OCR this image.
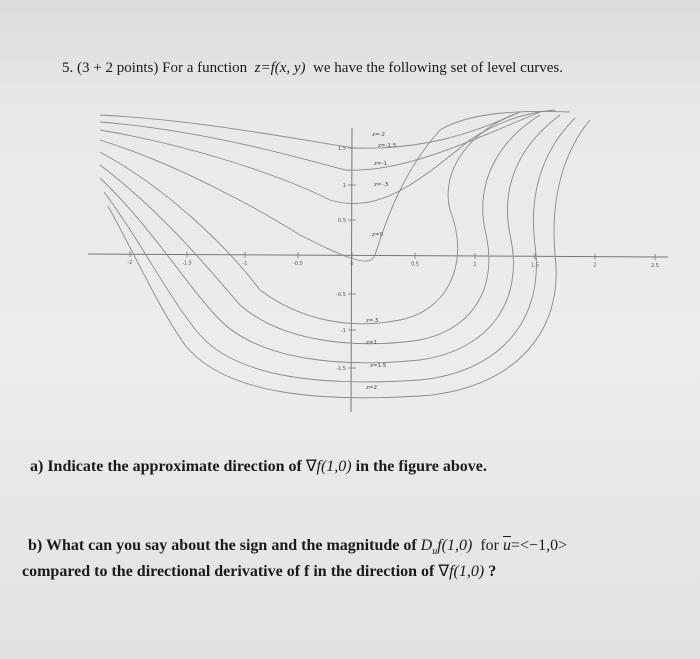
5. (3 + 2 points) For a function z=f(x, y) we have the following set of level curves.
-2	-1.5	-1	-0.5	0	0.5	1	1.5	2	2.5
1.5
1
0.5
-0.5
-1
-1.5
z=-2
z=-1.5
z=-1
z=-.5
z=0
z=.5
z=1
z=1.5
z=2
a) Indicate the approximate direction of ∇f(1,0) in the figure above.
b) What can you say about the sign and the magnitude of $D_uf(1,0)$ for $\overline{u}=<-1,0>$
compared to the directional derivative of f in the direction of ∇f(1,0) ?
